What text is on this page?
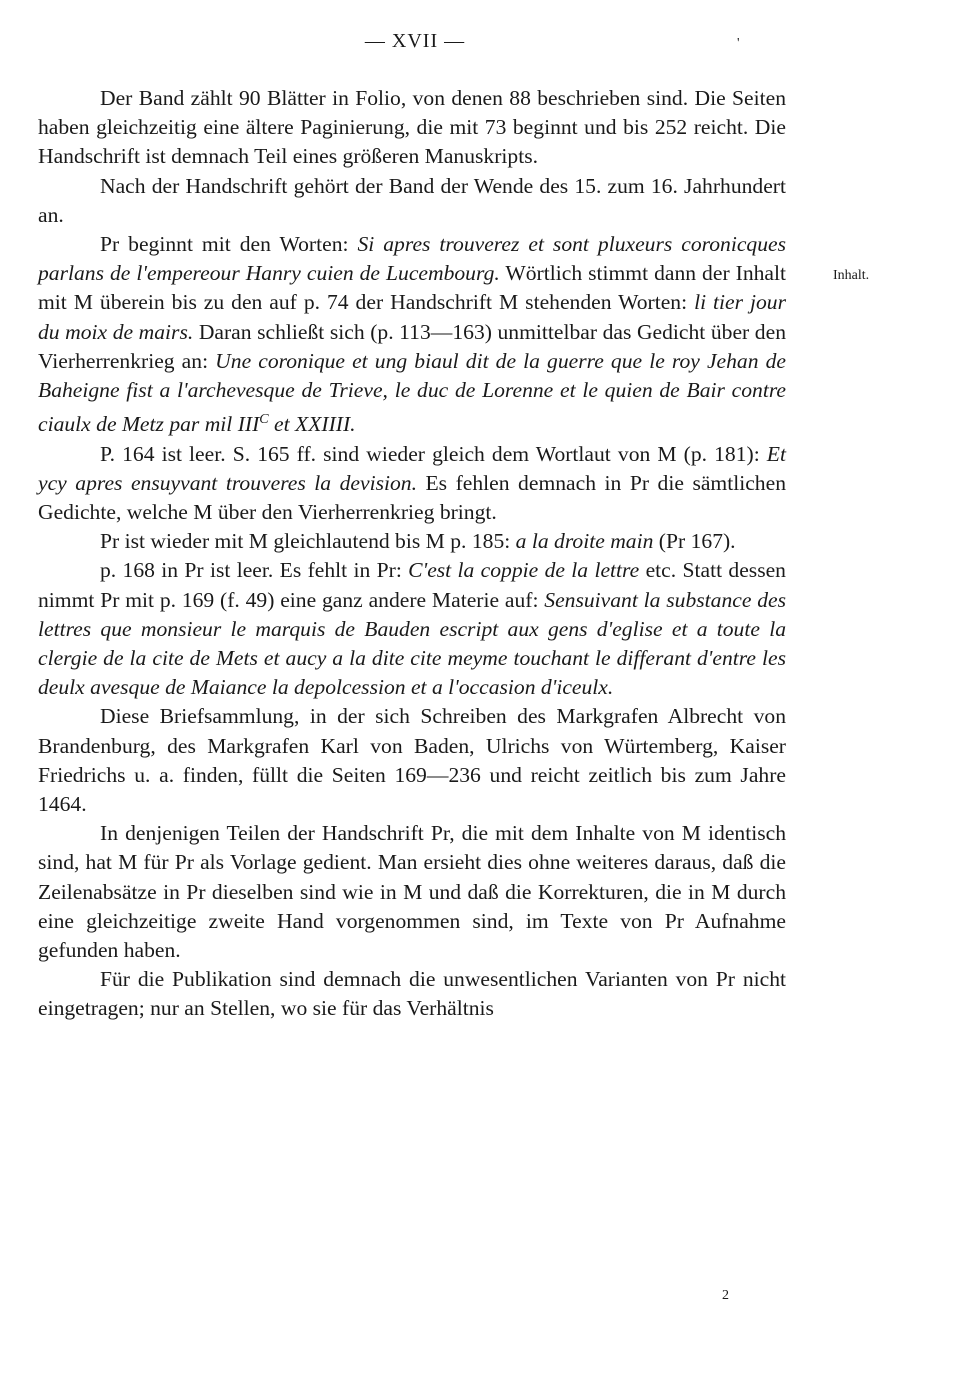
— XVII —	'

Der Band zählt 90 Blätter in Folio, von denen 88 beschrieben sind. Die Seiten haben gleichzeitig eine ältere Paginierung, die mit 73 beginnt und bis 252 reicht. Die Handschrift ist demnach Teil eines größeren Manuskripts.

Nach der Handschrift gehört der Band der Wende des 15. zum 16. Jahrhundert an.

Pr beginnt mit den Worten: Si apres trouverez et sont pluxeurs coronicques parlans de l'empereour Hanry cuien de Lucembourg. Wörtlich stimmt dann der Inhalt mit M überein bis zu den auf p. 74 der Handschrift M stehenden Worten: li tier jour du moix de mairs. Daran schließt sich (p. 113—163) unmittelbar das Gedicht über den Vierherrenkrieg an: Une coronique et ung biaul dit de la guerre que le roy Jehan de Baheigne fist a l'archevesque de Trieve, le duc de Lorenne et le quien de Bair contre ciaulx de Metz par mil $III^C$ et XXIIII.

P. 164 ist leer. S. 165 ff. sind wieder gleich dem Wortlaut von M (p. 181): Et ycy apres ensuyvant trouveres la devision. Es fehlen demnach in Pr die sämtlichen Gedichte, welche M über den Vierherrenkrieg bringt.

Pr ist wieder mit M gleichlautend bis M p. 185: a la droite main (Pr 167).

p. 168 in Pr ist leer. Es fehlt in Pr: C'est la coppie de la lettre etc. Statt dessen nimmt Pr mit p. 169 (f. 49) eine ganz andere Materie auf: Sensuivant la substance des lettres que monsieur le marquis de Bauden escript aux gens d'eglise et a toute la clergie de la cite de Mets et aucy a la dite cite meyme touchant le differant d'entre les deulx avesque de Maiance la depolcession et a l'occasion d'iceulx.

Diese Briefsammlung, in der sich Schreiben des Markgrafen Albrecht von Brandenburg, des Markgrafen Karl von Baden, Ulrichs von Würtemberg, Kaiser Friedrichs u. a. finden, füllt die Seiten 169—236 und reicht zeitlich bis zum Jahre 1464.

In denjenigen Teilen der Handschrift Pr, die mit dem Inhalte von M identisch sind, hat M für Pr als Vorlage gedient. Man ersieht dies ohne weiteres daraus, daß die Zeilenabsätze in Pr dieselben sind wie in M und daß die Korrekturen, die in M durch eine gleichzeitige zweite Hand vorgenommen sind, im Texte von Pr Aufnahme gefunden haben.

Für die Publikation sind demnach die unwesentlichen Varianten von Pr nicht eingetragen; nur an Stellen, wo sie für das Verhältnis

Inhalt.
2
